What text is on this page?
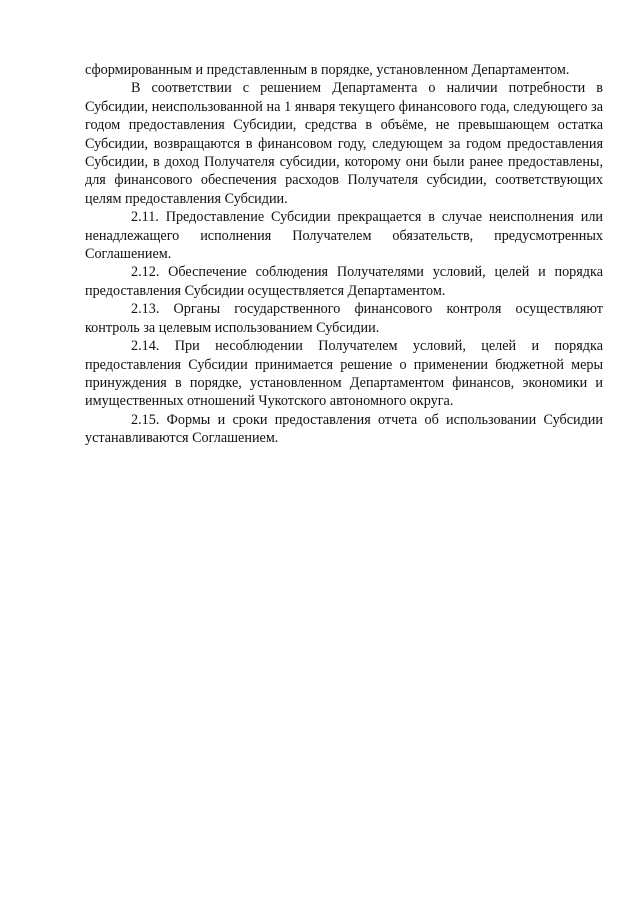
сформированным и представленным в порядке, установленном Департаментом.

В соответствии с решением Департамента о наличии потребности в Субсидии, неиспользованной на 1 января текущего финансового года, следующего за годом предоставления Субсидии, средства в объёме, не превышающем остатка Субсидии, возвращаются в финансовом году, следующем за годом предоставления Субсидии, в доход Получателя субсидии, которому они были ранее предоставлены, для финансового обеспечения расходов Получателя субсидии, соответствующих целям предоставления Субсидии.

2.11. Предоставление Субсидии прекращается в случае неисполнения или ненадлежащего исполнения Получателем обязательств, предусмотренных Соглашением.

2.12. Обеспечение соблюдения Получателями условий, целей и порядка предоставления Субсидии осуществляется Департаментом.

2.13. Органы государственного финансового контроля осуществляют контроль за целевым использованием Субсидии.

2.14. При несоблюдении Получателем условий, целей и порядка предоставления Субсидии принимается решение о применении бюджетной меры принуждения в порядке, установленном Департаментом финансов, экономики и имущественных отношений Чукотского автономного округа.

2.15. Формы и сроки предоставления отчета об использовании Субсидии устанавливаются Соглашением.
